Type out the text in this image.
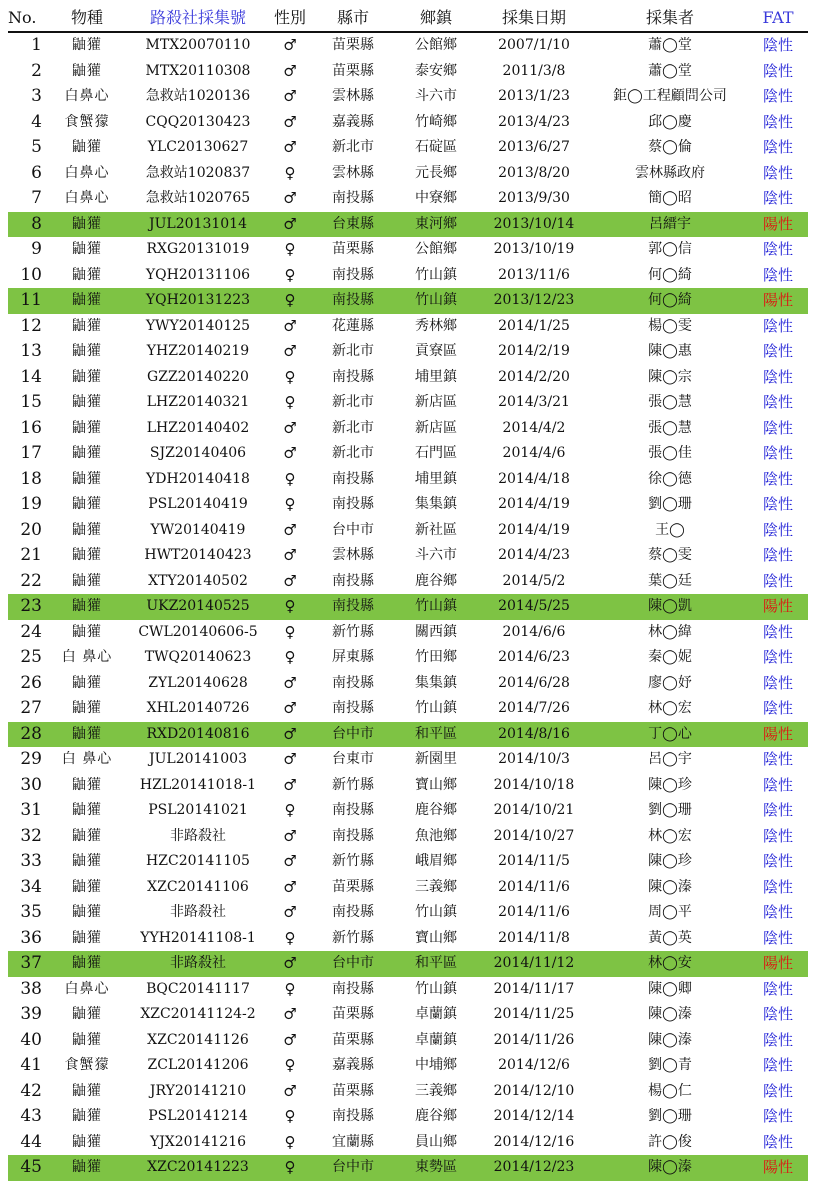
No.	物種	路殺社採集號	性別	縣市	鄉鎮	採集日期	採集者	FAT
1	鼬獾	MTX20070110	♂	苗栗縣	公館鄉	2007/1/10	蕭◯堂	陰性
2	鼬獾	MTX20110308	♂	苗栗縣	泰安鄉	2011/3/8	蕭◯堂	陰性
3	白鼻心	急救站1020136	♂	雲林縣	斗六市	2013/1/23	鉅◯工程顧問公司	陰性
4	食蟹獴	CQQ20130423	♂	嘉義縣	竹崎鄉	2013/4/23	邱◯慶	陰性
5	鼬獾	YLC20130627	♂	新北市	石碇區	2013/6/27	蔡◯倫	陰性
6	白鼻心	急救站1020837	♀	雲林縣	元長鄉	2013/8/20	雲林縣政府	陰性
7	白鼻心	急救站1020765	♂	南投縣	中寮鄉	2013/9/30	簡◯昭	陰性
8	鼬獾	JUL20131014	♂	台東縣	東河鄉	2013/10/14	呂縉宇	陽性
9	鼬獾	RXG20131019	♀	苗栗縣	公館鄉	2013/10/19	郭◯信	陰性
10	鼬獾	YQH20131106	♀	南投縣	竹山鎮	2013/11/6	何◯綺	陰性
11	鼬獾	YQH20131223	♀	南投縣	竹山鎮	2013/12/23	何◯綺	陽性
12	鼬獾	YWY20140125	♂	花蓮縣	秀林鄉	2014/1/25	楊◯雯	陰性
13	鼬獾	YHZ20140219	♂	新北市	貢寮區	2014/2/19	陳◯惠	陰性
14	鼬獾	GZZ20140220	♀	南投縣	埔里鎮	2014/2/20	陳◯宗	陰性
15	鼬獾	LHZ20140321	♀	新北市	新店區	2014/3/21	張◯慧	陰性
16	鼬獾	LHZ20140402	♂	新北市	新店區	2014/4/2	張◯慧	陰性
17	鼬獾	SJZ20140406	♂	新北市	石門區	2014/4/6	張◯佳	陰性
18	鼬獾	YDH20140418	♀	南投縣	埔里鎮	2014/4/18	徐◯德	陰性
19	鼬獾	PSL20140419	♀	南投縣	集集鎮	2014/4/19	劉◯珊	陰性
20	鼬獾	YW20140419	♂	台中市	新社區	2014/4/19	王◯	陰性
21	鼬獾	HWT20140423	♂	雲林縣	斗六市	2014/4/23	蔡◯雯	陰性
22	鼬獾	XTY20140502	♂	南投縣	鹿谷鄉	2014/5/2	葉◯廷	陰性
23	鼬獾	UKZ20140525	♀	南投縣	竹山鎮	2014/5/25	陳◯凱	陽性
24	鼬獾	CWL20140606-5	♀	新竹縣	關西鎮	2014/6/6	林◯緯	陰性
25	白 鼻心	TWQ20140623	♀	屏東縣	竹田鄉	2014/6/23	秦◯妮	陰性
26	鼬獾	ZYL20140628	♂	南投縣	集集鎮	2014/6/28	廖◯妤	陰性
27	鼬獾	XHL20140726	♂	南投縣	竹山鎮	2014/7/26	林◯宏	陰性
28	鼬獾	RXD20140816	♂	台中市	和平區	2014/8/16	丁◯心	陽性
29	白 鼻心	JUL20141003	♂	台東市	新園里	2014/10/3	呂◯宇	陰性
30	鼬獾	HZL20141018-1	♂	新竹縣	寶山鄉	2014/10/18	陳◯珍	陰性
31	鼬獾	PSL20141021	♀	南投縣	鹿谷鄉	2014/10/21	劉◯珊	陰性
32	鼬獾	非路殺社	♂	南投縣	魚池鄉	2014/10/27	林◯宏	陰性
33	鼬獾	HZC20141105	♂	新竹縣	峨眉鄉	2014/11/5	陳◯珍	陰性
34	鼬獾	XZC20141106	♂	苗栗縣	三義鄉	2014/11/6	陳◯溱	陰性
35	鼬獾	非路殺社	♂	南投縣	竹山鎮	2014/11/6	周◯平	陰性
36	鼬獾	YYH20141108-1	♀	新竹縣	寶山鄉	2014/11/8	黃◯英	陰性
37	鼬獾	非路殺社	♂	台中市	和平區	2014/11/12	林◯安	陽性
38	白鼻心	BQC20141117	♀	南投縣	竹山鎮	2014/11/17	陳◯卿	陰性
39	鼬獾	XZC20141124-2	♂	苗栗縣	卓蘭鎮	2014/11/25	陳◯溱	陰性
40	鼬獾	XZC20141126	♂	苗栗縣	卓蘭鎮	2014/11/26	陳◯溱	陰性
41	食蟹獴	ZCL20141206	♀	嘉義縣	中埔鄉	2014/12/6	劉◯青	陰性
42	鼬獾	JRY20141210	♂	苗栗縣	三義鄉	2014/12/10	楊◯仁	陰性
43	鼬獾	PSL20141214	♀	南投縣	鹿谷鄉	2014/12/14	劉◯珊	陰性
44	鼬獾	YJX20141216	♀	宜蘭縣	員山鄉	2014/12/16	許◯俊	陰性
45	鼬獾	XZC20141223	♀	台中市	東勢區	2014/12/23	陳◯溱	陽性
